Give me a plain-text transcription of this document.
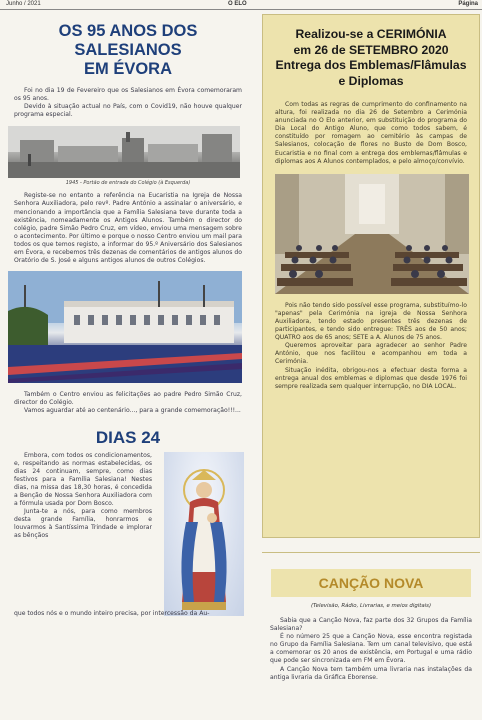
Junho / 2021	O ELO	Página
OS 95 ANOS DOS SALESIANOS
EM ÉVORA

Foi no dia 19 de Fevereiro que os Salesianos em Évora comemoraram os 95 anos.

Devido à situação actual no País, com o Covid19, não houve qualquer programa especial.

1945 - Portão de entrada do Colégio (à Esquerda)

Registe-se no entanto a referência na Eucaristia na Igreja de Nossa Senhora Auxiliadora, pelo revº. Padre António a assinalar o aniversário, e mencionando a importância que a Família Salesiana teve durante toda a existência, nomeadamente os Antigos Alunos. Também o director do colégio, padre Simão Pedro Cruz, em vídeo, enviou uma mensagem sobre o acontecimento. Por último e porque o nosso Centro enviou um mail para todos os que temos registo, a informar do 95.º Aniversário dos Salesianos em Évora, e recebemos três dezenas de comentários de antigos alunos do Oratório de S. José e alguns antigos alunos de outros Colégios.

Também o Centro enviou as felicitações ao padre Pedro Simão Cruz, director do Colégio.

Vamos aguardar até ao centenário..., para a grande comemoração!!!...

DIAS 24

Embora, com todos os condicionamentos, e, respeitando as normas estabelecidas, os dias 24 continuam, sempre, como dias festivos para a Família Salesiana! Nestes dias, na missa das 18,30 horas, é concedida a Benção de Nossa Senhora Auxiliadora com a fórmula usada por Dom Bosco.

Junta-te a nós, para como membros desta grande Família, honrarmos e louvarmos à Santíssima Trindade e implorar as bênçãos

que todos nós e o mundo inteiro precisa, por intercessão da Au-

Realizou-se a CERIMÓNIA
em 26 de SETEMBRO 2020
Entrega dos Emblemas/Flâmulas
e Diplomas

Com todas as regras de cumprimento do confinamento na altura, foi realizada no dia 26 de Setembro a Cerimónia anunciada no O Elo anterior, em substituição do programa do Dia Local do Antigo Aluno, que como todos sabem, é constituído por romagem ao cemitério às campas de Salesianos, colocação de flores no Busto de Dom Bosco, Eucaristia e no final com a entrega dos emblemas/flâmulas e diplomas aos A Alunos contemplados, e pelo almoço/convívio.

Pois não tendo sido possível esse programa, substituímo-lo "apenas" pela Cerimónia na igreja de Nossa Senhora Auxiliadora, tendo estado presentes três dezenas de participantes, e tendo sido entregue: TRÊS aos de 50 anos; QUATRO aos de 65 anos; SETE a A. Alunos de 75 anos.

Queremos aproveitar para agradecer ao senhor Padre António, que nos facilitou e acompanhou em toda a Cerimónia.

Situação inédita, obrigou-nos a efectuar desta forma a entrega anual dos emblemas e diplomas que desde 1976 foi sempre realizada sem qualquer interrupção, no DIA LOCAL.

CANÇÃO NOVA
(Televisão, Rádio, Livrarias, e meios digitais)

Sabia que a Canção Nova, faz parte dos 32 Grupos da Família Salesiana?

É no número 25 que a Canção Nova, esse encontra registada no Grupo da Família Salesiana. Tem um canal televisivo, que está a comemorar os 20 anos de existência, em Portugal e uma rádio que pode ser sincronizada em FM em Évora.

A Canção Nova tem também uma livraria nas instalações da antiga livraria da Gráfica Eborense.
